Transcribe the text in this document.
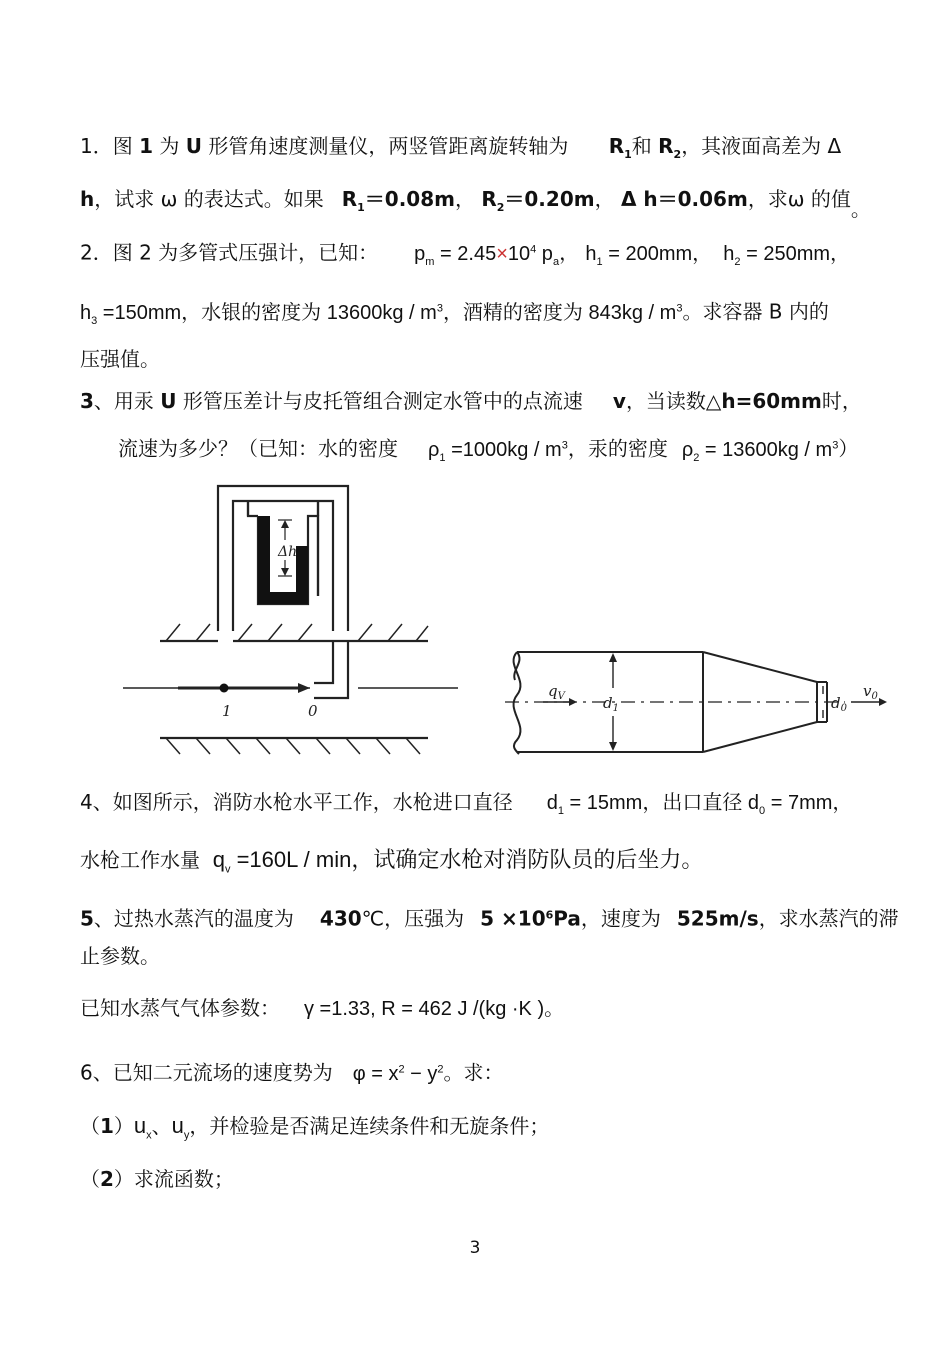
1．图 1 为 U 形管角速度测量仪，两竖管距离旋转轴为 $R_1$和 $R_2$，其液面高差为 Δ
h，试求 ω 的表达式。如果 $R_1=0.08m$， $R_2=0.20m$， Δ h＝0.06m，求ω 的值。
2．图 2 为多管式压强计，已知： $p_m = 2.45\times 10^4$ $p_a$， $h_1 = 200mm$， $h_2 = 250mm$，
$h_3 =150mm$，水银的密度为 $13600kg / m^3$，酒精的密度为 $843kg / m^3$。求容器 B 内的
压强值。
3、用汞 U 形管压差计与皮托管组合测定水管中的点流速 v，当读数△h=60mm时，
流速为多少？（已知：水的密度 $\rho_1 =1000kg / m^3$，汞的密度 $\rho_2 = 13600kg / m^3$）
Δh
1	0
$q_V$	$d_1$	$d_0$
$v_0$
4、如图所示，消防水枪水平工作，水枪进口直径 $d_1 = 15mm$，出口直径 $d_0 = 7mm$，
水枪工作水量 $q_v =160L / \min$，试确定水枪对消防队员的后坐力。
5、过热水蒸汽的温度为 430℃，压强为 $5 \times 10^6Pa$，速度为 525m/s，求水蒸汽的滞
止参数。
已知水蒸气气体参数： γ =1.33, R = 462 J /(kg ·K )。
6、已知二元流场的速度势为 $\varphi = x^2 - y^2$。求：
$(1)u_x$、$u_y$，并检验是否满足连续条件和无旋条件；
（2）求流函数；
3
